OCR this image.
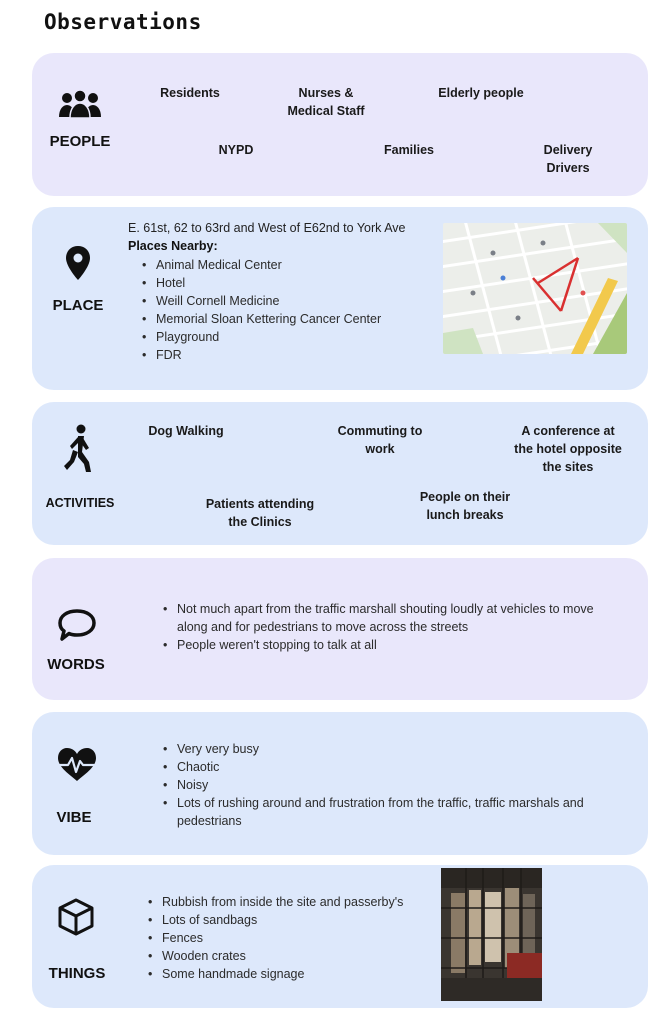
Observations
PEOPLE
Residents	Nurses &
Medical Staff
Elderly people
NYPD	Families	Delivery
Drivers
PLACE
E. 61st, 62 to 63rd and West of E62nd to York Ave
Places Nearby:
• Animal Medical Center
• Hotel
• Weill Cornell Medicine
• Memorial Sloan Kettering Cancer Center
• Playground
• FDR
ACTIVITIES
Dog Walking	Commuting to
work
A conference at
the hotel opposite
the sites
Patients attending
the Clinics
People on their
lunch breaks
WORDS
• Not much apart from the traffic marshall shouting loudly at vehicles to move along and for pedestrians to move across the streets
• People weren't stopping to talk at all
VIBE
• Very very busy
• Chaotic
• Noisy
• Lots of rushing around and frustration from the traffic, traffic marshals and pedestrians
THINGS
• Rubbish from inside the site and passerby's
• Lots of sandbags
• Fences
• Wooden crates
• Some handmade signage
